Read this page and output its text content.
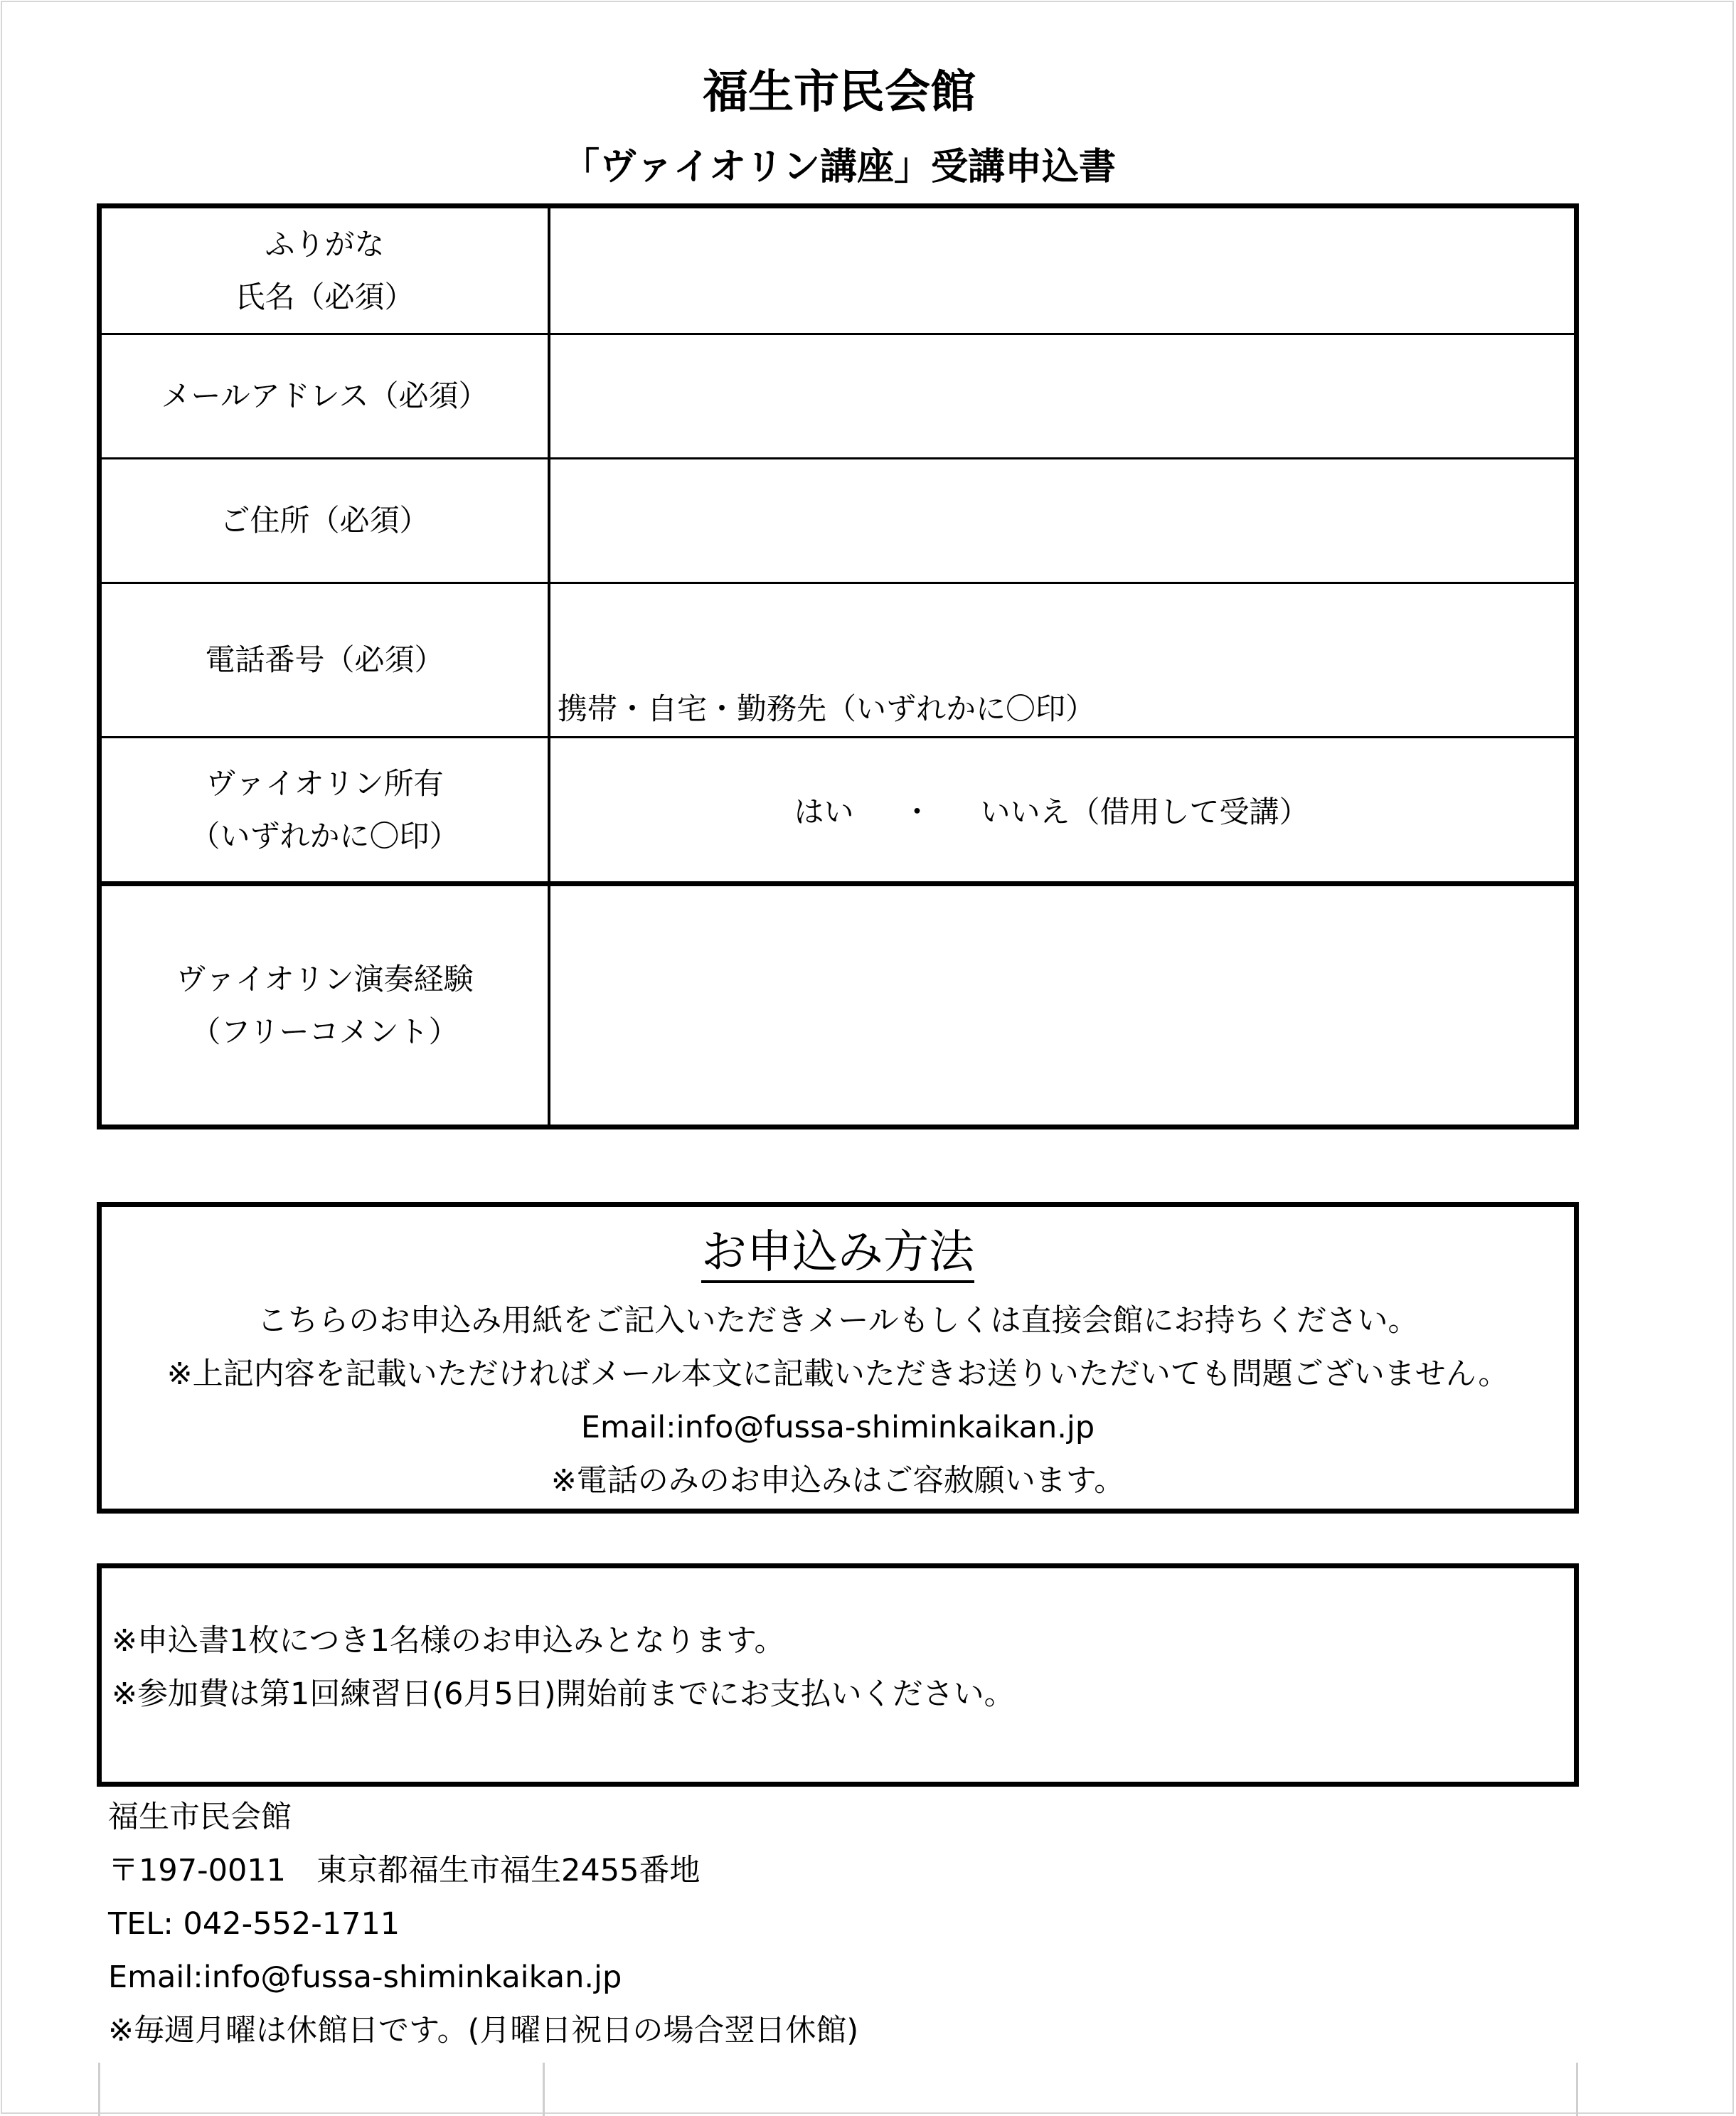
福生市民会館
「ヴァイオリン講座」受講申込書
ふりがな
氏名（必須）
メールアドレス（必須）
ご住所（必須）
電話番号（必須）
携帯・自宅・勤務先（いずれかに〇印）
ヴァイオリン所有
（いずれかに〇印）
はい ・ いいえ（借用して受講）
ヴァイオリン演奏経験
（フリーコメント）
お申込み方法
こちらのお申込み用紙をご記入いただきメールもしくは直接会館にお持ちください。
※上記内容を記載いただければメール本文に記載いただきお送りいただいても問題ございません。
Email:info@fussa-shiminkaikan.jp
※電話のみのお申込みはご容赦願います。
※申込書1枚につき1名様のお申込みとなります。
※参加費は第1回練習日(6月5日)開始前までにお支払いください。
福生市民会館
〒197-0011　東京都福生市福生2455番地
TEL: 042-552-1711
Email:info@fussa-shiminkaikan.jp
※毎週月曜は休館日です。(月曜日祝日の場合翌日休館)
